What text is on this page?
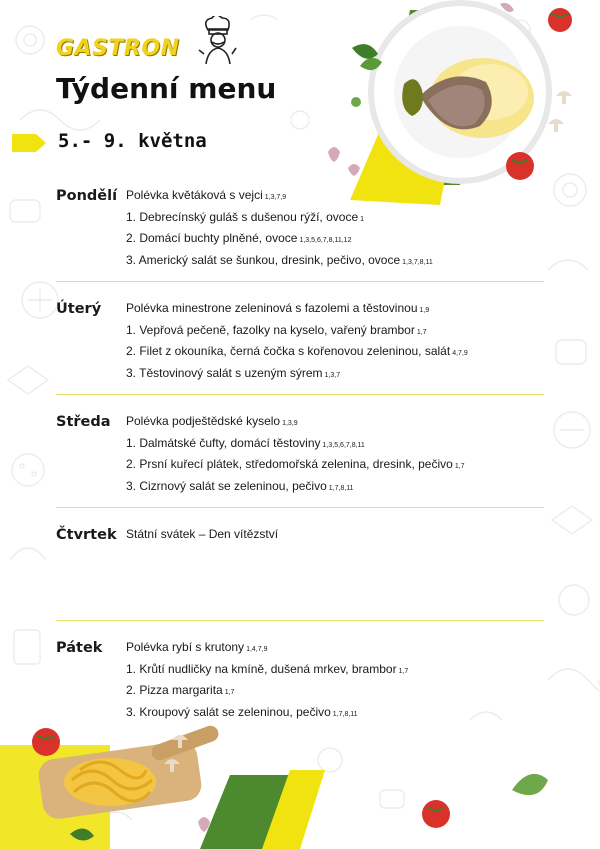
GASTRON
Týdenní menu
5.- 9. května
Pondělí Polévka květáková s vejci 1,3,7,9
1. Debrecínský guláš s dušenou rýží, ovoce 1
2. Domácí buchty plněné, ovoce 1,3,5,6,7,8,11,12
3. Americký salát se šunkou, dresink, pečivo, ovoce 1,3,7,8,11
Úterý	Polévka minestrone zeleninová s fazolemi a těstovinou 1,9
1. Vepřová pečeně, fazolky na kyselo, vařený brambor 1,7
2. Filet z okouníka, černá čočka s kořenovou zeleninou, salát 4,7,9
3. Těstovinový salát s uzeným sýrem 1,3,7
Středa	Polévka podještědské kyselo 1,3,9
1. Dalmátské čufty, domácí těstoviny 1,3,5,6,7,8,11
2. Prsní kuřecí plátek, středomořská zelenina, dresink, pečivo 1,7
3. Cizrnový salát se zeleninou, pečivo 1,7,8,11
Čtvrtek Státní svátek – Den vítězství
Pátek	Polévka rybí s krutony 1,4,7,9
1. Krůtí nudličky na kmíně, dušená mrkev, brambor 1,7
2. Pizza margarita 1,7
3. Kroupový salát se zeleninou, pečivo 1,7,8,11
